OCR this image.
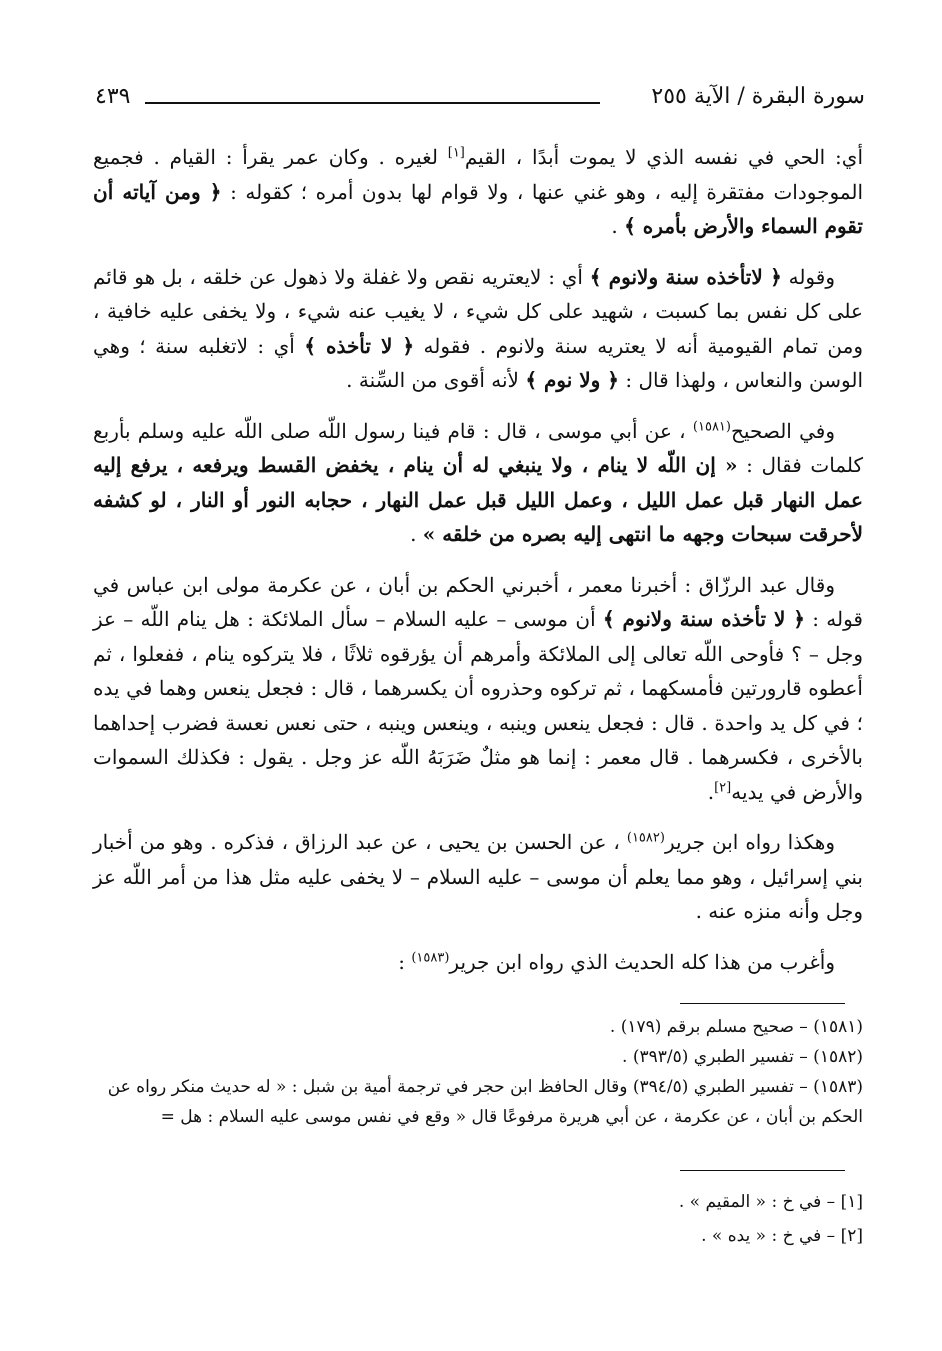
سورة البقرة / الآية ٢٥٥
٤٣٩

أي: الحي في نفسه الذي لا يموت أبدًا ، القيم[١] لغيره . وكان عمر يقرأ : القيام . فجميع الموجودات مفتقرة إليه ، وهو غني عنها ، ولا قوام لها بدون أمره ؛ كقوله : ﴿ ومن آياته أن تقوم السماء والأرض بأمره ﴾ .

وقوله ﴿ لاتأخذه سنة ولانوم ﴾ أي : لايعتريه نقص ولا غفلة ولا ذهول عن خلقه ، بل هو قائم على كل نفس بما كسبت ، شهيد على كل شيء ، لا يغيب عنه شيء ، ولا يخفى عليه خافية ، ومن تمام القيومية أنه لا يعتريه سنة ولانوم . فقوله ﴿ لا تأخذه ﴾ أي : لاتغلبه سنة ؛ وهي الوسن والنعاس ، ولهذا قال : ﴿ ولا نوم ﴾ لأنه أقوى من السِّنة .

وفي الصحيح$^{(١٥٨١)}$ ، عن أبي موسى ، قال : قام فينا رسول اللّه صلى اللّه عليه وسلم بأربع كلمات فقال : « إن اللّه لا ينام ، ولا ينبغي له أن ينام ، يخفض القسط ويرفعه ، يرفع إليه عمل النهار قبل عمل الليل ، وعمل الليل قبل عمل النهار ، حجابه النور أو النار ، لو كشفه لأحرقت سبحات وجهه ما انتهى إليه بصره من خلقه » .

وقال عبد الرزّاق : أخبرنا معمر ، أخبرني الحكم بن أبان ، عن عكرمة مولى ابن عباس في قوله : ﴿ لا تأخذه سنة ولانوم ﴾ أن موسى – عليه السلام – سأل الملائكة : هل ينام اللّه – عز وجل – ؟ فأوحى اللّه تعالى إلى الملائكة وأمرهم أن يؤرقوه ثلاثًا ، فلا يتركوه ينام ، ففعلوا ، ثم أعطوه قارورتين فأمسكهما ، ثم تركوه وحذروه أن يكسرهما ، قال : فجعل ينعس وهما في يده ؛ في كل يد واحدة . قال : فجعل ينعس وينبه ، وينعس وينبه ، حتى نعس نعسة فضرب إحداهما بالأخرى ، فكسرهما . قال معمر : إنما هو مثلٌ ضَرَبَهُ اللّه عز وجل . يقول : فكذلك السموات والأرض في يديه[٢].

وهكذا رواه ابن جرير$^{(١٥٨٢)}$ ، عن الحسن بن يحيى ، عن عبد الرزاق ، فذكره . وهو من أخبار بني إسرائيل ، وهو مما يعلم أن موسى – عليه السلام – لا يخفى عليه مثل هذا من أمر اللّه عز وجل وأنه منزه عنه .

وأغرب من هذا كله الحديث الذي رواه ابن جرير$^{(١٥٨٣)}$ :

(١٥٨١) – صحيح مسلم برقم (١٧٩) .

(١٥٨٢) – تفسير الطبري (٣٩٣/٥) .

(١٥٨٣) – تفسير الطبري (٣٩٤/٥) وقال الحافظ ابن حجر في ترجمة أمية بن شبل : « له حديث منكر رواه عن الحكم بن أبان ، عن عكرمة ، عن أبي هريرة مرفوعًا قال « وقع في نفس موسى عليه السلام : هل =

[١] – في خ : « المقيم » .

[٢] – في خ : « يده » .
